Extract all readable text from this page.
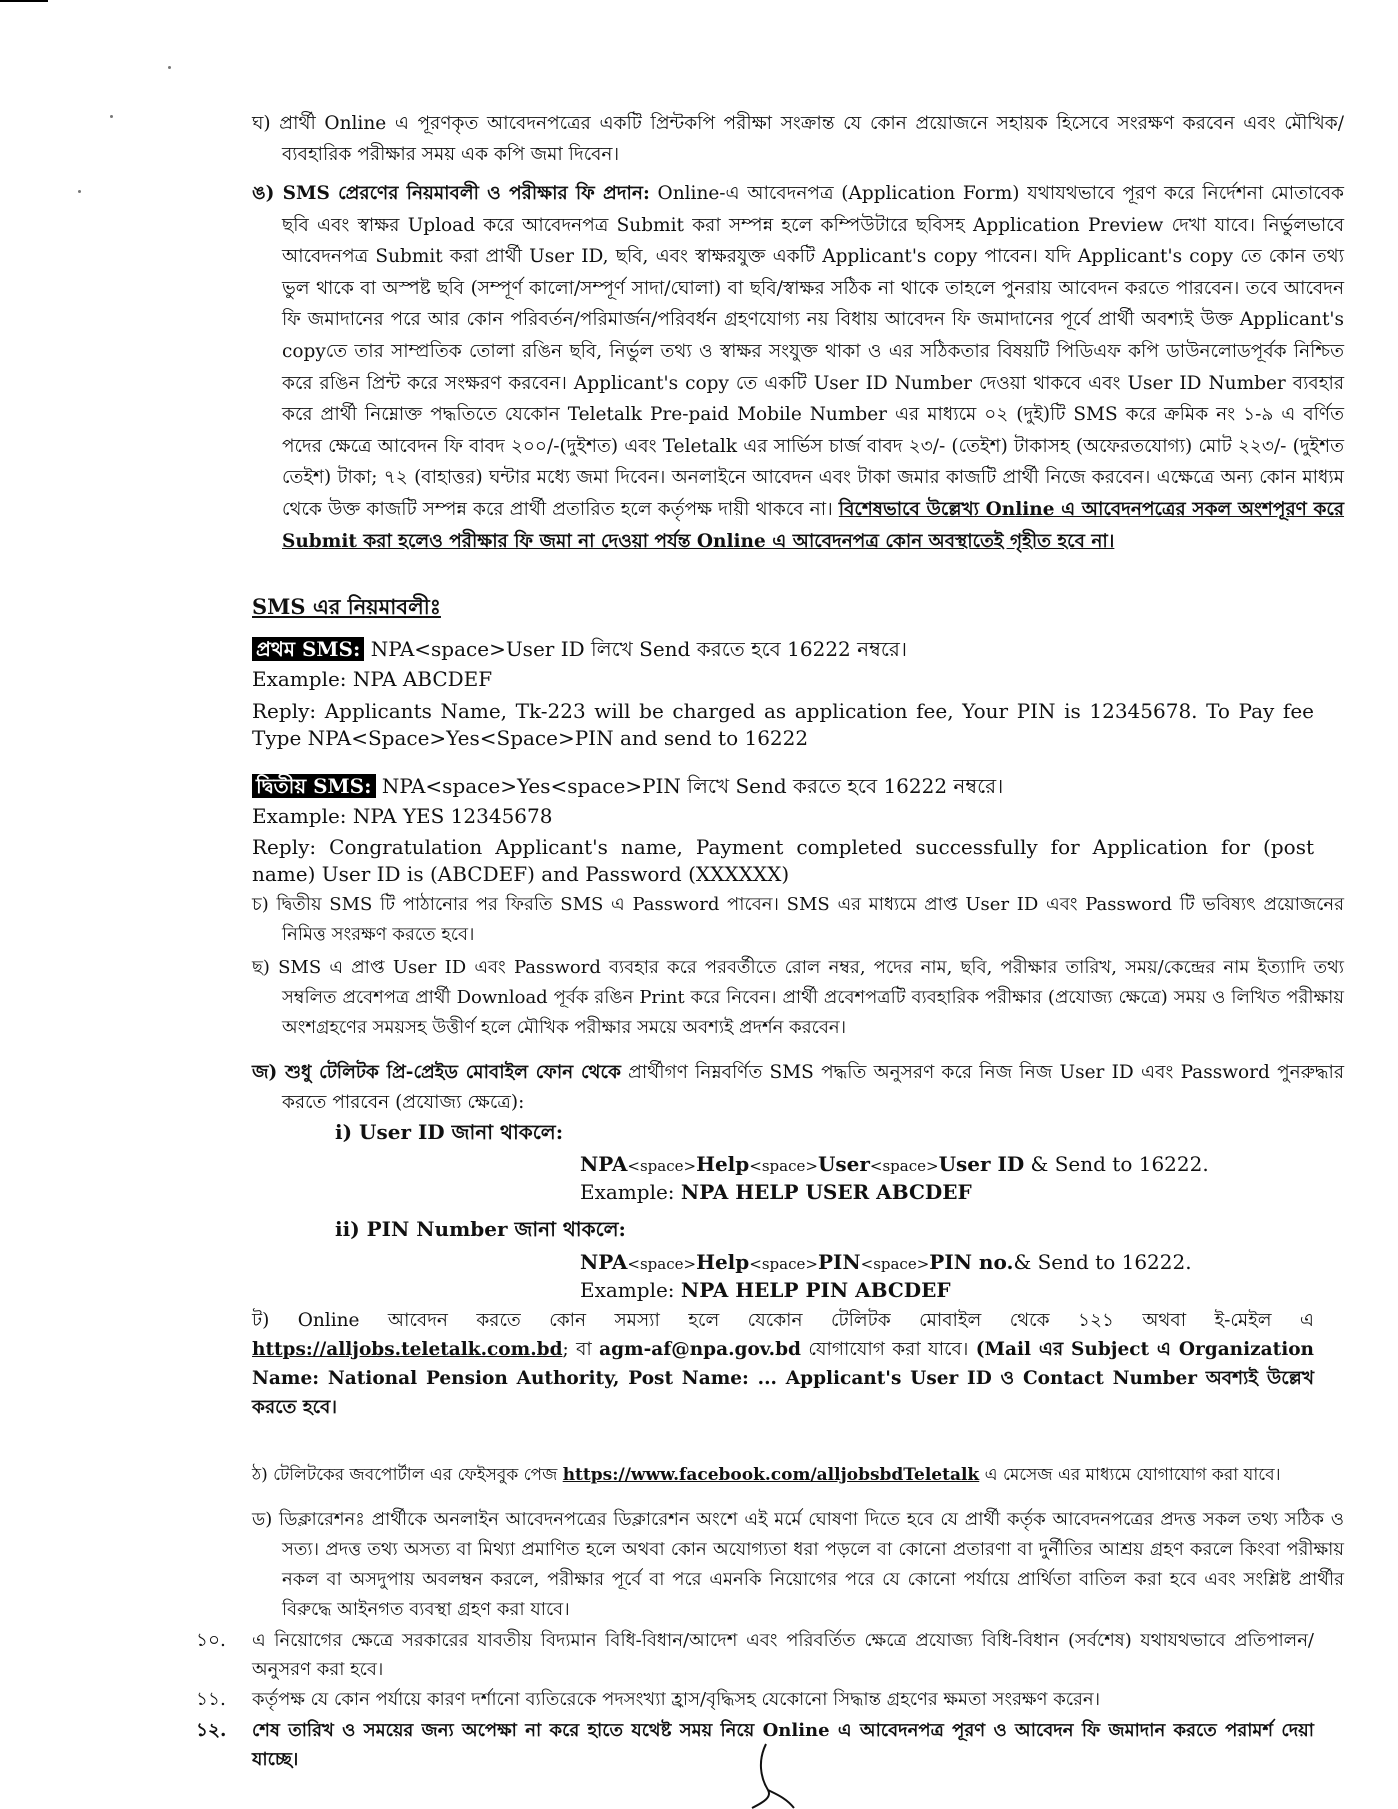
ঘ) প্রার্থী Online এ পূরণকৃত আবেদনপত্রের একটি প্রিন্টকপি পরীক্ষা সংক্রান্ত যে কোন প্রয়োজনে সহায়ক হিসেবে সংরক্ষণ করবেন এবং মৌখিক/ব্যবহারিক পরীক্ষার সময় এক কপি জমা দিবেন।
ঙ) SMS প্রেরণের নিয়মাবলী ও পরীক্ষার ফি প্রদান: Online-এ আবেদনপত্র (Application Form) যথাযথভাবে পূরণ করে নির্দেশনা মোতাবেক ছবি এবং স্বাক্ষর Upload করে আবেদনপত্র Submit করা সম্পন্ন হলে কম্পিউটারে ছবিসহ Application Preview দেখা যাবে। নির্ভুলভাবে আবেদনপত্র Submit করা প্রার্থী User ID, ছবি, এবং স্বাক্ষরযুক্ত একটি Applicant's copy পাবেন। যদি Applicant's copy তে কোন তথ্য ভুল থাকে বা অস্পষ্ট ছবি (সম্পূর্ণ কালো/সম্পূর্ণ সাদা/ঘোলা) বা ছবি/স্বাক্ষর সঠিক না থাকে তাহলে পুনরায় আবেদন করতে পারবেন। তবে আবেদন ফি জমাদানের পরে আর কোন পরিবর্তন/পরিমার্জন/পরিবর্ধন গ্রহণযোগ্য নয় বিধায় আবেদন ফি জমাদানের পূর্বে প্রার্থী অবশ্যই উক্ত Applicant's copyতে তার সাম্প্রতিক তোলা রঙিন ছবি, নির্ভুল তথ্য ও স্বাক্ষর সংযুক্ত থাকা ও এর সঠিকতার বিষয়টি পিডিএফ কপি ডাউনলোডপূর্বক নিশ্চিত করে রঙিন প্রিন্ট করে সংক্ষরণ করবেন। Applicant's copy তে একটি User ID Number দেওয়া থাকবে এবং User ID Number ব্যবহার করে প্রার্থী নিম্নোক্ত পদ্ধতিতে যেকোন Teletalk Pre-paid Mobile Number এর মাধ্যমে ০২ (দুই)টি SMS করে ক্রমিক নং ১-৯ এ বর্ণিত পদের ক্ষেত্রে আবেদন ফি বাবদ ২০০/-(দুইশত) এবং Teletalk এর সার্ভিস চার্জ বাবদ ২৩/- (তেইশ) টাকাসহ (অফেরতযোগ্য) মোট ২২৩/- (দুইশত তেইশ) টাকা; ৭২ (বাহাত্তর) ঘন্টার মধ্যে জমা দিবেন। অনলাইনে আবেদন এবং টাকা জমার কাজটি প্রার্থী নিজে করবেন। এক্ষেত্রে অন্য কোন মাধ্যম থেকে উক্ত কাজটি সম্পন্ন করে প্রার্থী প্রতারিত হলে কর্তৃপক্ষ দায়ী থাকবে না। বিশেষভাবে উল্লেখ্য Online এ আবেদনপত্রের সকল অংশপূরণ করে Submit করা হলেও পরীক্ষার ফি জমা না দেওয়া পর্যন্ত Online এ আবেদনপত্র কোন অবস্থাতেই গৃহীত হবে না।
SMS এর নিয়মাবলীঃ
প্রথম SMS: NPA<space>User ID লিখে Send করতে হবে 16222 নম্বরে।
Example: NPA ABCDEF
Reply: Applicants Name, Tk-223 will be charged as application fee, Your PIN is 12345678. To Pay fee Type NPA<Space>Yes<Space>PIN and send to 16222
দ্বিতীয় SMS: NPA<space>Yes<space>PIN লিখে Send করতে হবে 16222 নম্বরে।
Example: NPA YES 12345678
Reply: Congratulation Applicant's name, Payment completed successfully for Application for (post name) User ID is (ABCDEF) and Password (XXXXXX)
চ) দ্বিতীয় SMS টি পাঠানোর পর ফিরতি SMS এ Password পাবেন। SMS এর মাধ্যমে প্রাপ্ত User ID এবং Password টি ভবিষ্যৎ প্রয়োজনের নিমিত্ত সংরক্ষণ করতে হবে।
ছ) SMS এ প্রাপ্ত User ID এবং Password ব্যবহার করে পরবর্তীতে রোল নম্বর, পদের নাম, ছবি, পরীক্ষার তারিখ, সময়/কেন্দ্রের নাম ইত্যাদি তথ্য সম্বলিত প্রবেশপত্র প্রার্থী Download পূর্বক রঙিন Print করে নিবেন। প্রার্থী প্রবেশপত্রটি ব্যবহারিক পরীক্ষার (প্রযোজ্য ক্ষেত্রে) সময় ও লিখিত পরীক্ষায় অংশগ্রহণের সময়সহ উত্তীর্ণ হলে মৌখিক পরীক্ষার সময়ে অবশ্যই প্রদর্শন করবেন।
জ) শুধু টেলিটক প্রি-প্রেইড মোবাইল ফোন থেকে প্রার্থীগণ নিম্নবর্ণিত SMS পদ্ধতি অনুসরণ করে নিজ নিজ User ID এবং Password পুনরুদ্ধার করতে পারবেন (প্রযোজ্য ক্ষেত্রে):
i) User ID জানা থাকলে:
NPA<space>Help<space>User<space>User ID & Send to 16222.
Example: NPA HELP USER ABCDEF
ii) PIN Number জানা থাকলে:
NPA<space>Help<space>PIN<space>PIN no.& Send to 16222.
Example: NPA HELP PIN ABCDEF
ট) Online আবেদন করতে কোন সমস্যা হলে যেকোন টেলিটক মোবাইল থেকে ১২১ অথবা ই-মেইল এ https://alljobs.teletalk.com.bd; বা agm-af@npa.gov.bd যোগাযোগ করা যাবে। (Mail এর Subject এ Organization Name: National Pension Authority, Post Name: ... Applicant's User ID ও Contact Number অবশ্যই উল্লেখ করতে হবে।
ঠ) টেলিটকের জবপোর্টাল এর ফেইসবুক পেজ https://www.facebook.com/alljobsbdTeletalk এ মেসেজ এর মাধ্যমে যোগাযোগ করা যাবে।
ড) ডিক্লারেশনঃ প্রার্থীকে অনলাইন আবেদনপত্রের ডিক্লারেশন অংশে এই মর্মে ঘোষণা দিতে হবে যে প্রার্থী কর্তৃক আবেদনপত্রের প্রদত্ত সকল তথ্য সঠিক ও সত্য। প্রদত্ত তথ্য অসত্য বা মিথ্যা প্রমাণিত হলে অথবা কোন অযোগ্যতা ধরা পড়লে বা কোনো প্রতারণা বা দুর্নীতির আশ্রয় গ্রহণ করলে কিংবা পরীক্ষায় নকল বা অসদুপায় অবলম্বন করলে, পরীক্ষার পূর্বে বা পরে এমনকি নিয়োগের পরে যে কোনো পর্যায়ে প্রার্থিতা বাতিল করা হবে এবং সংশ্লিষ্ট প্রার্থীর বিরুদ্ধে আইনগত ব্যবস্থা গ্রহণ করা যাবে।
১০. এ নিয়োগের ক্ষেত্রে সরকারের যাবতীয় বিদ্যমান বিধি-বিধান/আদেশ এবং পরিবর্তিত ক্ষেত্রে প্রযোজ্য বিধি-বিধান (সর্বশেষ) যথাযথভাবে প্রতিপালন/অনুসরণ করা হবে।
১১. কর্তৃপক্ষ যে কোন পর্যায়ে কারণ দর্শানো ব্যতিরেকে পদসংখ্যা হ্রাস/বৃদ্ধিসহ যেকোনো সিদ্ধান্ত গ্রহণের ক্ষমতা সংরক্ষণ করেন।
১২. শেষ তারিখ ও সময়ের জন্য অপেক্ষা না করে হাতে যথেষ্ট সময় নিয়ে Online এ আবেদনপত্র পূরণ ও আবেদন ফি জমাদান করতে পরামর্শ দেয়া যাচ্ছে।
